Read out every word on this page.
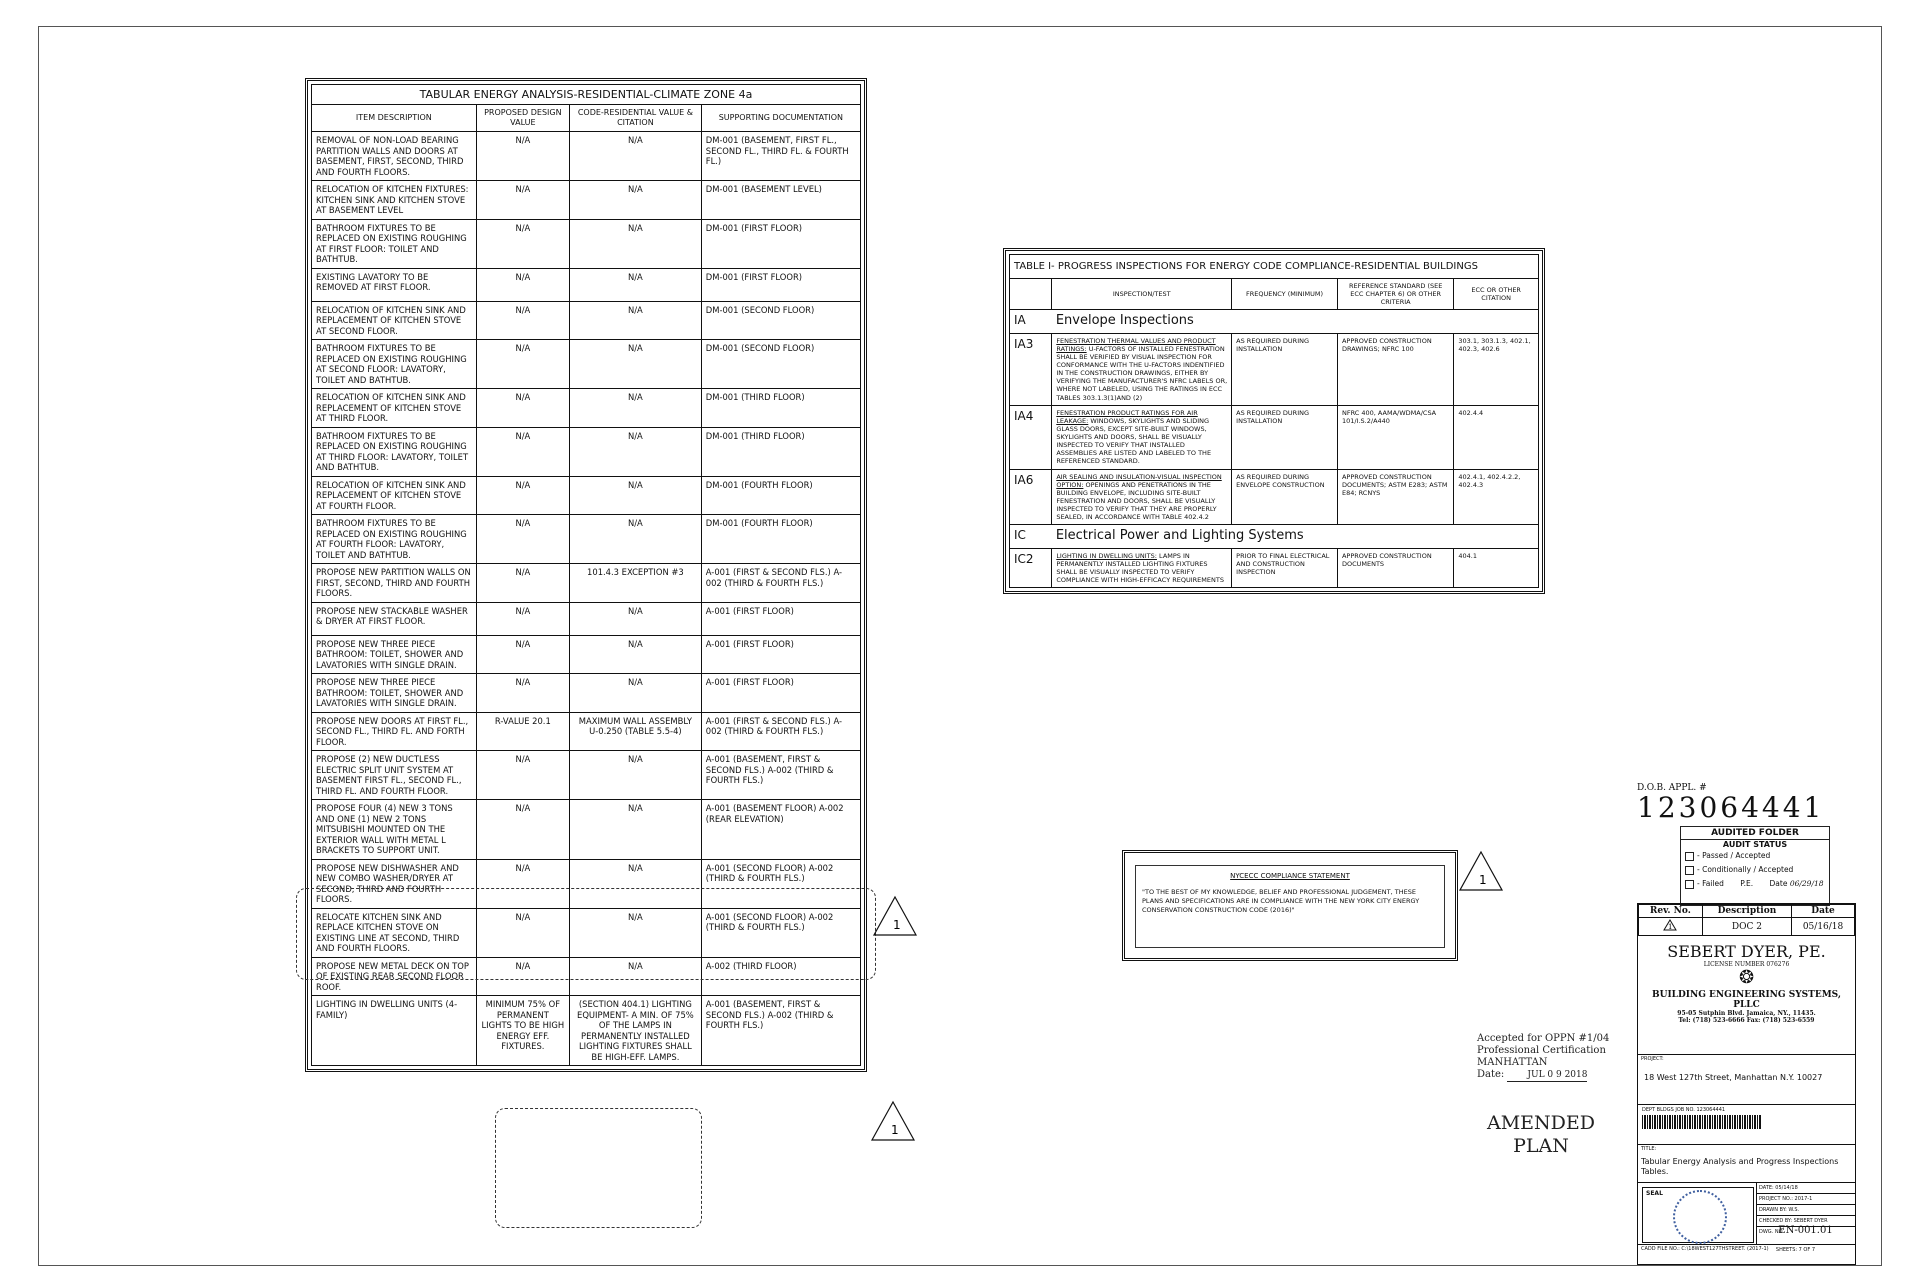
TABULAR ENERGY ANALYSIS-RESIDENTIAL-CLIMATE ZONE 4a
ITEM DESCRIPTION	PROPOSED DESIGN VALUE	CODE-RESIDENTIAL VALUE & CITATION	SUPPORTING DOCUMENTATION
REMOVAL OF NON-LOAD BEARING PARTITION WALLS AND DOORS AT BASEMENT, FIRST, SECOND, THIRD AND FOURTH FLOORS.	N/A	N/A	DM-001 (BASEMENT, FIRST FL., SECOND FL., THIRD FL. & FOURTH FL.)
RELOCATION OF KITCHEN FIXTURES: KITCHEN SINK AND KITCHEN STOVE AT BASEMENT LEVEL	N/A	N/A	DM-001 (BASEMENT LEVEL)
BATHROOM FIXTURES TO BE REPLACED ON EXISTING ROUGHING AT FIRST FLOOR: TOILET AND BATHTUB.	N/A	N/A	DM-001 (FIRST FLOOR)
EXISTING LAVATORY TO BE REMOVED AT FIRST FLOOR.	N/A	N/A	DM-001 (FIRST FLOOR)
RELOCATION OF KITCHEN SINK AND REPLACEMENT OF KITCHEN STOVE AT SECOND FLOOR.	N/A	N/A	DM-001 (SECOND FLOOR)
BATHROOM FIXTURES TO BE REPLACED ON EXISTING ROUGHING AT SECOND FLOOR: LAVATORY, TOILET AND BATHTUB.	N/A	N/A	DM-001 (SECOND FLOOR)
RELOCATION OF KITCHEN SINK AND REPLACEMENT OF KITCHEN STOVE AT THIRD FLOOR.	N/A	N/A	DM-001 (THIRD FLOOR)
BATHROOM FIXTURES TO BE REPLACED ON EXISTING ROUGHING AT THIRD FLOOR: LAVATORY, TOILET AND BATHTUB.	N/A	N/A	DM-001 (THIRD FLOOR)
RELOCATION OF KITCHEN SINK AND REPLACEMENT OF KITCHEN STOVE AT FOURTH FLOOR.	N/A	N/A	DM-001 (FOURTH FLOOR)
BATHROOM FIXTURES TO BE REPLACED ON EXISTING ROUGHING AT FOURTH FLOOR: LAVATORY, TOILET AND BATHTUB.	N/A	N/A	DM-001 (FOURTH FLOOR)
PROPOSE NEW PARTITION WALLS ON FIRST, SECOND, THIRD AND FOURTH FLOORS.	N/A	101.4.3 EXCEPTION #3	A-001 (FIRST & SECOND FLS.) A-002 (THIRD & FOURTH FLS.)
PROPOSE NEW STACKABLE WASHER & DRYER AT FIRST FLOOR.	N/A	N/A	A-001 (FIRST FLOOR)
PROPOSE NEW THREE PIECE BATHROOM: TOILET, SHOWER AND LAVATORIES WITH SINGLE DRAIN.	N/A	N/A	A-001 (FIRST FLOOR)
PROPOSE NEW THREE PIECE BATHROOM: TOILET, SHOWER AND LAVATORIES WITH SINGLE DRAIN.	N/A	N/A	A-001 (FIRST FLOOR)
PROPOSE NEW DOORS AT FIRST FL., SECOND FL., THIRD FL. AND FORTH FLOOR.	R-VALUE 20.1	MAXIMUM WALL ASSEMBLY U-0.250 (TABLE 5.5-4)	A-001 (FIRST & SECOND FLS.) A-002 (THIRD & FOURTH FLS.)
PROPOSE (2) NEW DUCTLESS ELECTRIC SPLIT UNIT SYSTEM AT BASEMENT FIRST FL., SECOND FL., THIRD FL. AND FOURTH FLOOR.	N/A	N/A	A-001 (BASEMENT, FIRST & SECOND FLS.) A-002 (THIRD & FOURTH FLS.)
PROPOSE FOUR (4) NEW 3 TONS AND ONE (1) NEW 2 TONS MITSUBISHI MOUNTED ON THE EXTERIOR WALL WITH METAL L BRACKETS TO SUPPORT UNIT.	N/A	N/A	A-001 (BASEMENT FLOOR) A-002 (REAR ELEVATION)
PROPOSE NEW DISHWASHER AND NEW COMBO WASHER/DRYER AT SECOND, THIRD AND FOURTH FLOORS.	N/A	N/A	A-001 (SECOND FLOOR) A-002 (THIRD & FOURTH FLS.)
RELOCATE KITCHEN SINK AND REPLACE KITCHEN STOVE ON EXISTING LINE AT SECOND, THIRD AND FOURTH FLOORS.	N/A	N/A	A-001 (SECOND FLOOR) A-002 (THIRD & FOURTH FLS.)
PROPOSE NEW METAL DECK ON TOP OF EXISTING REAR SECOND FLOOR ROOF.	N/A	N/A	A-002 (THIRD FLOOR)
LIGHTING IN DWELLING UNITS (4-FAMILY)	MINIMUM 75% OF PERMANENT LIGHTS TO BE HIGH ENERGY EFF. FIXTURES.	(SECTION 404.1) LIGHTING EQUIPMENT- A MIN. OF 75% OF THE LAMPS IN PERMANENTLY INSTALLED LIGHTING FIXTURES SHALL BE HIGH-EFF. LAMPS.	A-001 (BASEMENT, FIRST & SECOND FLS.) A-002 (THIRD & FOURTH FLS.)
1
1
1
TABLE I- PROGRESS INSPECTIONS FOR ENERGY CODE COMPLIANCE-RESIDENTIAL BUILDINGS
	INSPECTION/TEST	FREQUENCY (MINIMUM)	REFERENCE STANDARD (SEE ECC CHAPTER 6) OR OTHER CRITERIA	ECC OR OTHER CITATION
IA	Envelope Inspections			
IA3	FENESTRATION THERMAL VALUES AND PRODUCT RATINGS: U-FACTORS OF INSTALLED FENESTRATION SHALL BE VERIFIED BY VISUAL INSPECTION FOR CONFORMANCE WITH THE U-FACTORS INDENTIFIED IN THE CONSTRUCTION DRAWINGS, EITHER BY VERIFYING THE MANUFACTURER'S NFRC LABELS OR, WHERE NOT LABELED, USING THE RATINGS IN ECC TABLES 303.1.3(1)AND (2)	AS REQUIRED DURING INSTALLATION	APPROVED CONSTRUCTION DRAWINGS; NFRC 100	303.1, 303.1.3, 402.1, 402.3, 402.6
IA4	FENESTRATION PRODUCT RATINGS FOR AIR LEAKAGE: WINDOWS, SKYLIGHTS AND SLIDING GLASS DOORS, EXCEPT SITE-BUILT WINDOWS, SKYLIGHTS AND DOORS, SHALL BE VISUALLY INSPECTED TO VERIFY THAT INSTALLED ASSEMBLIES ARE LISTED AND LABELED TO THE REFERENCED STANDARD.	AS REQUIRED DURING INSTALLATION	NFRC 400, AAMA/WDMA/CSA 101/I.S.2/A440	402.4.4
IA6	AIR SEALING AND INSULATION-VISUAL INSPECTION OPTION: OPENINGS AND PENETRATIONS IN THE BUILDING ENVELOPE, INCLUDING SITE-BUILT FENESTRATION AND DOORS, SHALL BE VISUALLY INSPECTED TO VERIFY THAT THEY ARE PROPERLY SEALED, IN ACCORDANCE WITH TABLE 402.4.2	AS REQUIRED DURING ENVELOPE CONSTRUCTION	APPROVED CONSTRUCTION DOCUMENTS; ASTM E283; ASTM E84; RCNYS	402.4.1, 402.4.2.2, 402.4.3
IC	Electrical Power and Lighting Systems			
IC2	LIGHTING IN DWELLING UNITS: LAMPS IN PERMANENTLY INSTALLED LIGHTING FIXTURES SHALL BE VISUALLY INSPECTED TO VERIFY COMPLIANCE WITH HIGH-EFFICACY REQUIREMENTS	PRIOR TO FINAL ELECTRICAL AND CONSTRUCTION INSPECTION	APPROVED CONSTRUCTION DOCUMENTS	404.1
NYCECC COMPLIANCE STATEMENT
"TO THE BEST OF MY KNOWLEDGE, BELIEF AND PROFESSIONAL JUDGEMENT, THESE PLANS AND SPECIFICATIONS ARE IN COMPLIANCE WITH THE NEW YORK CITY ENERGY CONSERVATION CONSTRUCTION CODE (2016)"
Accepted for OPPN #1/04
Professional Certification
MANHATTAN
Date:	JUL 0 9 2018
AMENDED
PLAN
D.O.B. APPL. #
123064441
AUDITED FOLDER
AUDIT STATUS
- Passed / Accepted
- Conditionally / Accepted
- Failed P.E. Date 06/29/18
Rev. No.	Description	Date

1	DOC 2	05/16/18
SEBERT DYER, PE.
LICENSE NUMBER 076276
❂
BUILDING ENGINEERING SYSTEMS, PLLC
95-05 Sutphin Blvd. Jamaica, NY., 11435.
Tel: (718) 523-6666 Fax: (718) 523-6559
PROJECT:
18 West 127th Street, Manhattan N.Y. 10027
DEPT BLDGS JOB NO. 123064441
TITLE:
Tabular Energy Analysis and Progress Inspections Tables.
SEAL
DATE: 05/14/18
PROJECT NO.: 2017-1
DRAWN BY: W.S.
CHECKED BY: SEBERT DYER
DWG. NO.
EN-001.01
CADD FILE NO.: C:\18WEST127THSTREET. (2017-1) SHEETS: 7 OF 7
